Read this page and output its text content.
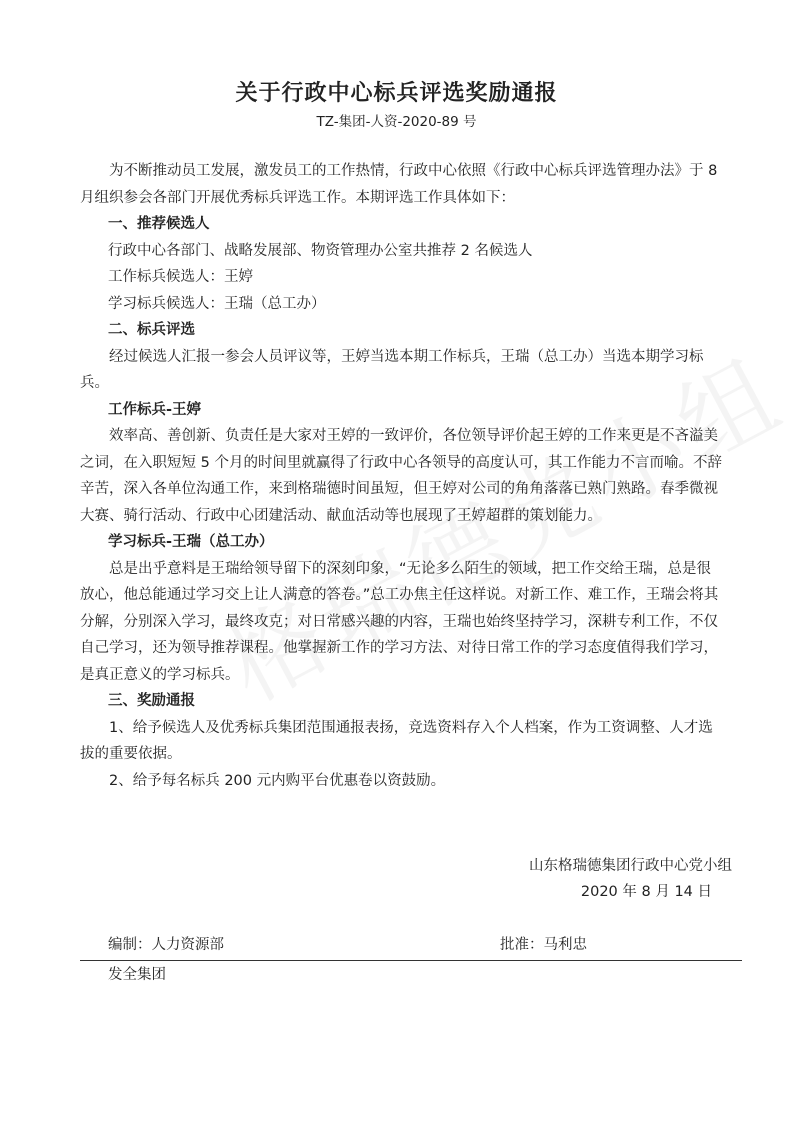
关于行政中心标兵评选奖励通报
TZ-集团-人资-2020-89 号

为不断推动员工发展，激发员工的工作热情，行政中心依照《行政中心标兵评选管理办法》于 8 月组织参会各部门开展优秀标兵评选工作。本期评选工作具体如下：

一、推荐候选人

行政中心各部门、战略发展部、物资管理办公室共推荐 2 名候选人

工作标兵候选人：王婷

学习标兵候选人：王瑞（总工办）

二、标兵评选

经过候选人汇报一参会人员评议等，王婷当选本期工作标兵，王瑞（总工办）当选本期学习标兵。

工作标兵-王婷

效率高、善创新、负责任是大家对王婷的一致评价，各位领导评价起王婷的工作来更是不吝溢美之词，在入职短短 5 个月的时间里就赢得了行政中心各领导的高度认可，其工作能力不言而喻。不辞辛苦，深入各单位沟通工作，来到格瑞德时间虽短，但王婷对公司的角角落落已熟门熟路。春季微视大赛、骑行活动、行政中心团建活动、献血活动等也展现了王婷超群的策划能力。

学习标兵-王瑞（总工办）

总是出乎意料是王瑞给领导留下的深刻印象，“无论多么陌生的领域，把工作交给王瑞，总是很放心，他总能通过学习交上让人满意的答卷。”总工办焦主任这样说。对新工作、难工作，王瑞会将其分解，分别深入学习，最终攻克；对日常感兴趣的内容，王瑞也始终坚持学习，深耕专利工作，不仅自己学习，还为领导推荐课程。他掌握新工作的学习方法、对待日常工作的学习态度值得我们学习，是真正意义的学习标兵。

三、奖励通报

1、给予候选人及优秀标兵集团范围通报表扬，竞选资料存入个人档案，作为工资调整、人才选拔的重要依据。

2、给予每名标兵 200 元内购平台优惠卷以资鼓励。

山东格瑞德集团行政中心党小组
2020 年 8 月 14 日
编制：人力资源部	批准：马利忠
发全集团
